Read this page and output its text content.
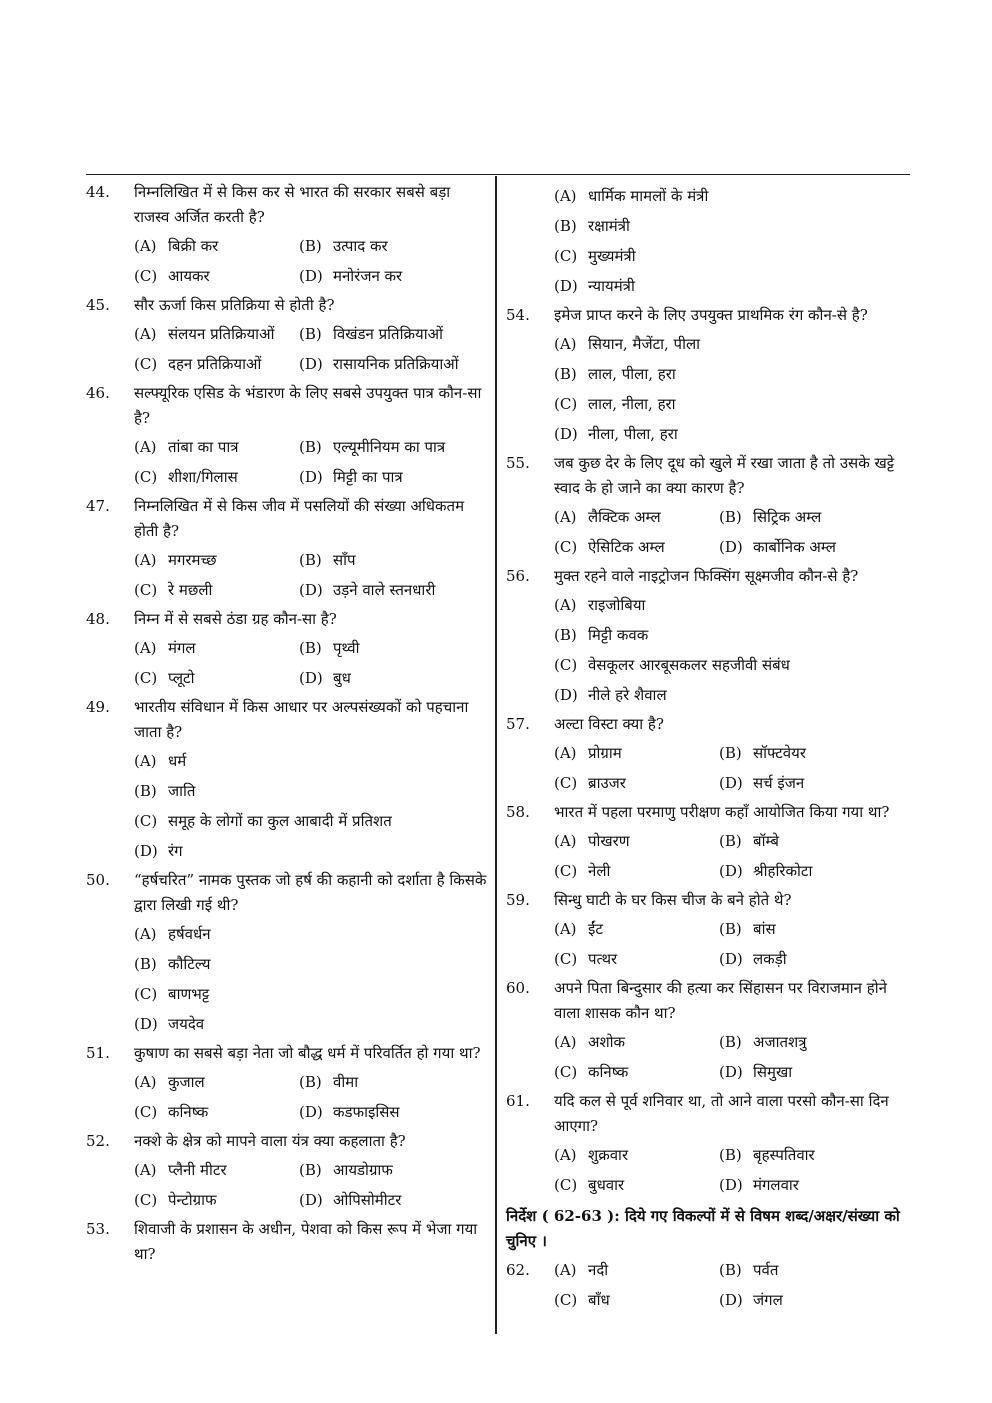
44.	निम्नलिखित में से किस कर से भारत की सरकार सबसे बड़ा राजस्व अर्जित करती है?
(A) बिक्री कर	(B) उत्पाद कर
(C) आयकर	(D) मनोरंजन कर
45.	सौर ऊर्जा किस प्रतिक्रिया से होती है?
(A) संलयन प्रतिक्रियाओं (B) विखंडन प्रतिक्रियाओं
(C) दहन प्रतिक्रियाओं	(D) रासायनिक प्रतिक्रियाओं
46.	सल्फ्यूरिक एसिड के भंडारण के लिए सबसे उपयुक्त पात्र कौन-सा है?
(A) तांबा का पात्र	(B) एल्यूमीनियम का पात्र
(C) शीशा/गिलास	(D) मिट्टी का पात्र
47.	निम्नलिखित में से किस जीव में पसलियों की संख्या अधिकतम होती है?
(A) मगरमच्छ	(B) साँप
(C) रे मछली	(D) उड़ने वाले स्तनधारी
48.	निम्न में से सबसे ठंडा ग्रह कौन-सा है?
(A) मंगल	(B) पृथ्वी
(C) प्लूटो	(D) बुध
49.	भारतीय संविधान में किस आधार पर अल्पसंख्यकों को पहचाना जाता है?
(A) धर्म
(B) जाति
(C) समूह के लोगों का कुल आबादी में प्रतिशत
(D) रंग
50.	“हर्षचरित” नामक पुस्तक जो हर्ष की कहानी को दर्शाता है किसके द्वारा लिखी गई थी?
(A) हर्षवर्धन
(B) कौटिल्य
(C) बाणभट्ट
(D) जयदेव
51.	कुषाण का सबसे बड़ा नेता जो बौद्ध धर्म में परिवर्तित हो गया था?
(A) कुजाल	(B) वीमा
(C) कनिष्क	(D) कडफाइसिस
52.	नक्शे के क्षेत्र को मापने वाला यंत्र क्या कहलाता है?
(A) प्लैनी मीटर	(B) आयडोग्राफ
(C) पेन्टोग्राफ	(D) ओपिसोमीटर
53.	शिवाजी के प्रशासन के अधीन, पेशवा को किस रूप में भेजा गया था?
(A) धार्मिक मामलों के मंत्री
(B) रक्षामंत्री
(C) मुख्यमंत्री
(D) न्यायमंत्री
54.	इमेज प्राप्त करने के लिए उपयुक्त प्राथमिक रंग कौन-से है?
(A) सियान, मैजेंटा, पीला
(B) लाल, पीला, हरा
(C) लाल, नीला, हरा
(D) नीला, पीला, हरा
55.	जब कुछ देर के लिए दूध को खुले में रखा जाता है तो उसके खट्टे स्वाद के हो जाने का क्या कारण है?
(A) लैक्टिक अम्ल	(B) सिट्रिक अम्ल
(C) ऐसिटिक अम्ल	(D) कार्बोनिक अम्ल
56.	मुक्त रहने वाले नाइट्रोजन फिक्सिंग सूक्ष्मजीव कौन-से है?
(A) राइजोबिया
(B) मिट्टी कवक
(C) वेसकूलर आरबूसकलर सहजीवी संबंध
(D) नीले हरे शैवाल
57.	अल्टा विस्टा क्या है?
(A) प्रोग्राम	(B) सॉफ्टवेयर
(C) ब्राउजर	(D) सर्च इंजन
58.	भारत में पहला परमाणु परीक्षण कहाँ आयोजित किया गया था?
(A) पोखरण	(B) बॉम्बे
(C) नेली	(D) श्रीहरिकोटा
59.	सिन्धु घाटी के घर किस चीज के बने होते थे?
(A) ईंट	(B) बांस
(C) पत्थर	(D) लकड़ी
60.	अपने पिता बिन्दुसार की हत्या कर सिंहासन पर विराजमान होने वाला शासक कौन था?
(A) अशोक	(B) अजातशत्रु
(C) कनिष्क	(D) सिमुखा
61.	यदि कल से पूर्व शनिवार था, तो आने वाला परसो कौन-सा दिन आएगा?
(A) शुक्रवार	(B) बृहस्पतिवार
(C) बुधवार	(D) मंगलवार
निर्देश ( 62-63 ): दिये गए विकल्पों में से विषम शब्द/अक्षर/संख्या को चुनिए ।
62.	(A) नदी	(B) पर्वत
(C) बाँध	(D) जंगल
